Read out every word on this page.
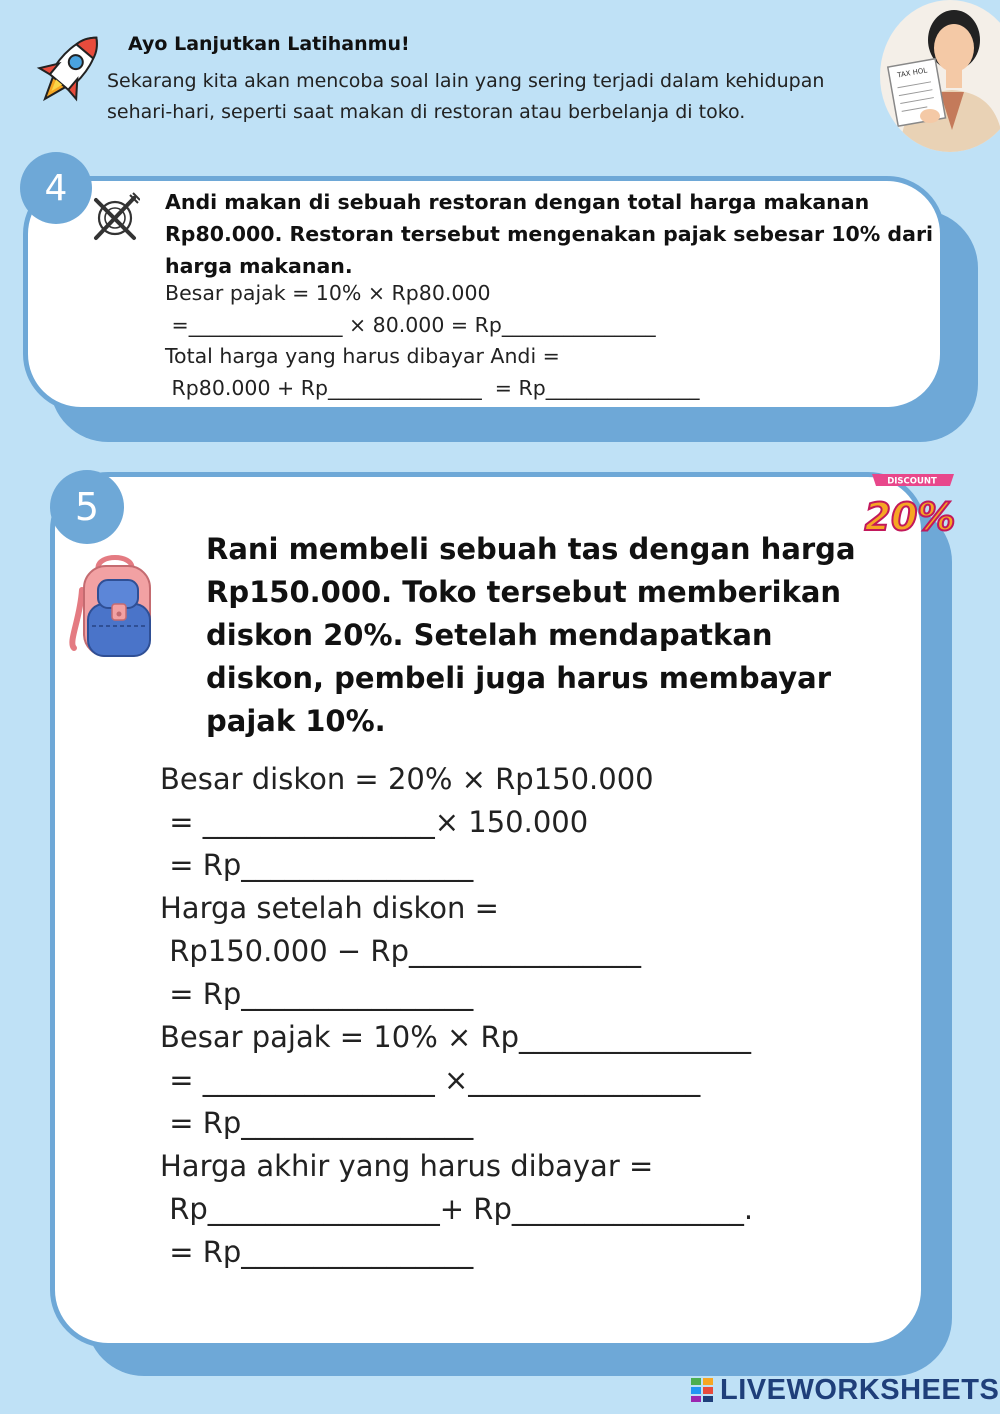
Ayo Lanjutkan Latihanmu!
Sekarang kita akan mencoba soal lain yang sering terjadi dalam kehidupan sehari-hari, seperti saat makan di restoran atau berbelanja di toko.
TAX HOL
4	Andi makan di sebuah restoran dengan total harga makanan Rp80.000. Restoran tersebut mengenakan pajak sebesar 10% dari harga makanan.
Besar pajak = 10% × Rp80.000
=_______________ × 80.000 = Rp_______________
Total harga yang harus dibayar Andi =
Rp80.000 + Rp_______________  = Rp_______________
5
DISCOUNT
20%
Rani membeli sebuah tas dengan harga Rp150.000. Toko tersebut memberikan diskon 20%. Setelah mendapatkan diskon, pembeli juga harus membayar pajak 10%.
Besar diskon = 20% × Rp150.000
= ________________× 150.000
= Rp________________
Harga setelah diskon =
Rp150.000 − Rp________________
= Rp________________
Besar pajak = 10% × Rp________________
= ________________ ×________________
= Rp________________
Harga akhir yang harus dibayar =
Rp________________+ Rp________________.
= Rp________________
LIVEWORKSHEETS
